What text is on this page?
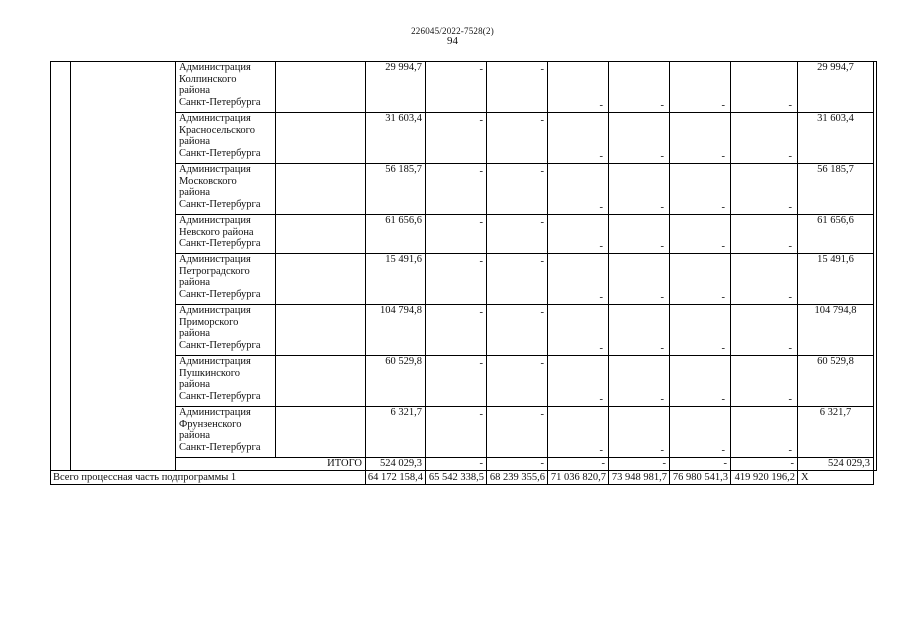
226045/2022-7528(2)
94

		Администрация
Колпинского
района
Санкт-Петербурга		29 994,7	-	-	-	-	-	-	29 994,7	

		Администрация
Красносельского
района
Санкт-Петербурга		31 603,4	-	-	-	-	-	-	31 603,4	

		Администрация
Московского
района
Санкт-Петербурга		56 185,7	-	-	-	-	-	-	56 185,7	

		Администрация
Невского района
Санкт-Петербурга		61 656,6	-	-	-	-	-	-	61 656,6	

		Администрация
Петроградского
района
Санкт-Петербурга		15 491,6	-	-	-	-	-	-	15 491,6	

		Администрация
Приморского
района
Санкт-Петербурга		104 794,8	-	-	-	-	-	-	104 794,8	

		Администрация
Пушкинского
района
Санкт-Петербурга		60 529,8	-	-	-	-	-	-	60 529,8	

		Администрация
Фрунзенского
района
Санкт-Петербурга		6 321,7	-	-	-	-	-	-	6 321,7	
		ИТОГО		524 029,3	-	-	-	-	-	-	524 029,3	
Всего процессная часть подпрограммы 1				64 172 158,4	65 542 338,5	68 239 355,6	71 036 820,7	73 948 981,7	76 980 541,3	419 920 196,2	X	
